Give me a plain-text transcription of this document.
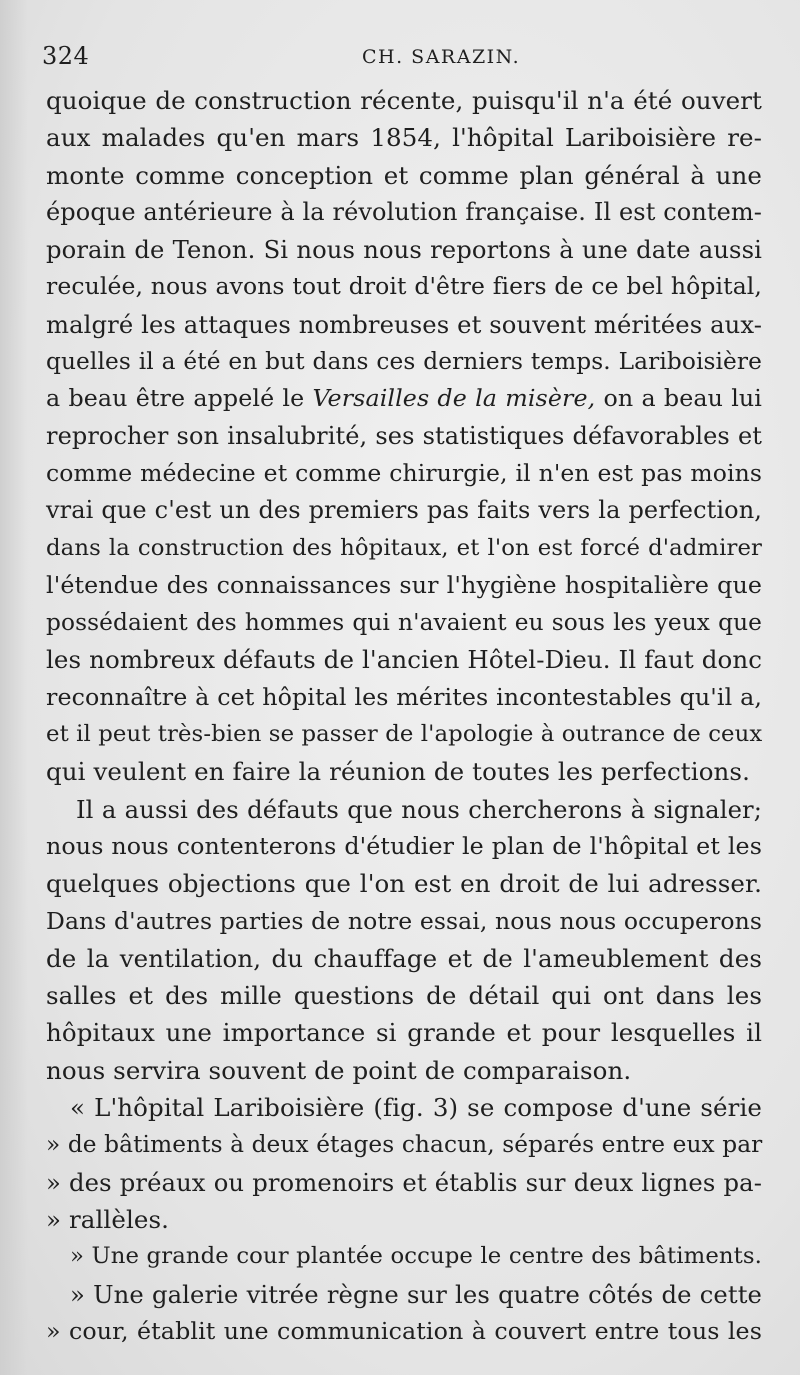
324	CH. SARAZIN.
quoique de construction récente, puisqu'il n'a été ouvert
aux malades qu'en mars 1854, l'hôpital Lariboisière re-
monte comme conception et comme plan général à une
époque antérieure à la révolution française. Il est contem-
porain de Tenon. Si nous nous reportons à une date aussi
reculée, nous avons tout droit d'être fiers de ce bel hôpital,
malgré les attaques nombreuses et souvent méritées aux-
quelles il a été en but dans ces derniers temps. Lariboisière
a beau être appelé le Versailles de la misère, on a beau lui
reprocher son insalubrité, ses statistiques défavorables et
comme médecine et comme chirurgie, il n'en est pas moins
vrai que c'est un des premiers pas faits vers la perfection,
dans la construction des hôpitaux, et l'on est forcé d'admirer
l'étendue des connaissances sur l'hygiène hospitalière que
possédaient des hommes qui n'avaient eu sous les yeux que
les nombreux défauts de l'ancien Hôtel-Dieu. Il faut donc
reconnaître à cet hôpital les mérites incontestables qu'il a,
et il peut très-bien se passer de l'apologie à outrance de ceux
qui veulent en faire la réunion de toutes les perfections.
Il a aussi des défauts que nous chercherons à signaler;
nous nous contenterons d'étudier le plan de l'hôpital et les
quelques objections que l'on est en droit de lui adresser.
Dans d'autres parties de notre essai, nous nous occuperons
de la ventilation, du chauffage et de l'ameublement des
salles et des mille questions de détail qui ont dans les
hôpitaux une importance si grande et pour lesquelles il
nous servira souvent de point de comparaison.
« L'hôpital Lariboisière (fig. 3) se compose d'une série
» de bâtiments à deux étages chacun, séparés entre eux par
» des préaux ou promenoirs et établis sur deux lignes pa-
» rallèles.
» Une grande cour plantée occupe le centre des bâtiments.
» Une galerie vitrée règne sur les quatre côtés de cette
» cour, établit une communication à couvert entre tous les
